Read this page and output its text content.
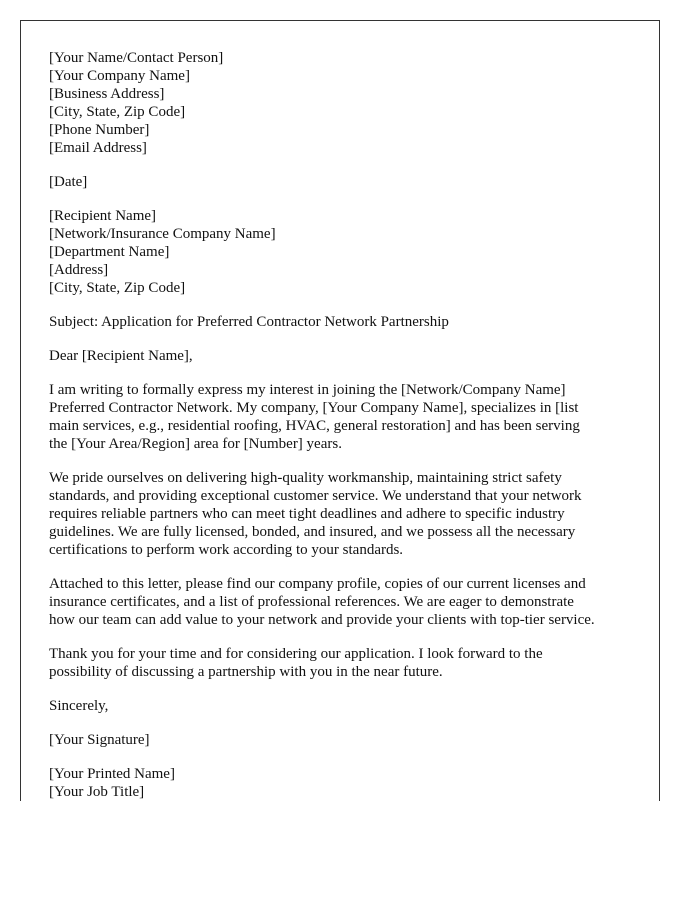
[Your Name/Contact Person]
[Your Company Name]
[Business Address]
[City, State, Zip Code]
[Phone Number]
[Email Address]
[Date]
[Recipient Name]
[Network/Insurance Company Name]
[Department Name]
[Address]
[City, State, Zip Code]
Subject: Application for Preferred Contractor Network Partnership
Dear [Recipient Name],
I am writing to formally express my interest in joining the [Network/Company Name]
Preferred Contractor Network. My company, [Your Company Name], specializes in [list
main services, e.g., residential roofing, HVAC, general restoration] and has been serving
the [Your Area/Region] area for [Number] years.
We pride ourselves on delivering high-quality workmanship, maintaining strict safety
standards, and providing exceptional customer service. We understand that your network
requires reliable partners who can meet tight deadlines and adhere to specific industry
guidelines. We are fully licensed, bonded, and insured, and we possess all the necessary
certifications to perform work according to your standards.
Attached to this letter, please find our company profile, copies of our current licenses and
insurance certificates, and a list of professional references. We are eager to demonstrate
how our team can add value to your network and provide your clients with top-tier service.
Thank you for your time and for considering our application. I look forward to the
possibility of discussing a partnership with you in the near future.
Sincerely,
[Your Signature]
[Your Printed Name]
[Your Job Title]
